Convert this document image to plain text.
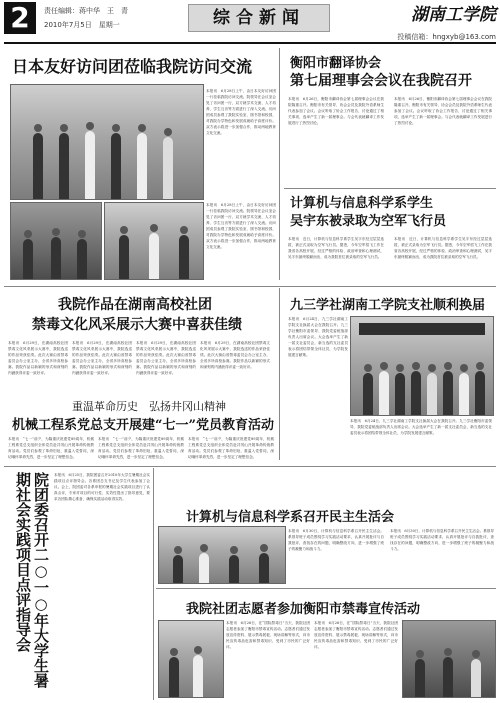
2	责任编辑：蒋中华　王　青
2010年7月5日　星期一	综合新闻	湖南工学院
投稿信箱：hngxyb@163.com
日本友好访问团莅临我院访问交流
本报讯　6月28日上午，由日本友好访问团一行莅临我院访问交流。院领导在会议室会见了访问团一行，双方就学术交流、人才培养、学生互访等方面进行了深入交流。访问团成员参观了我院实验室、图书馆和校园，对我院办学特色和发展成就给予高度评价。双方表示将进一步加强合作，推动两地教育文化交流。
本报讯　6月28日上午，由日本友好访问团一行莅临我院访问交流。院领导在会议室会见了访问团一行，双方就学术交流、人才培养、学生互访等方面进行了深入交流。访问团成员参观了我院实验室、图书馆和校园，对我院办学特色和发展成就给予高度评价。双方表示将进一步加强合作，推动两地教育文化交流。
衡阳市翻译协会
第七届理事会会议在我院召开
本报讯　6月26日，衡阳市翻译协会第七届理事会会议在我院隆重召开。衡阳市有关领导、协会会员及我院外语系师生代表参加了会议。会议听取了协会工作报告，讨论通过了相关事项，选举产生了新一届理事会。与会代表就翻译工作发展进行了热烈讨论。
本报讯　6月26日，衡阳市翻译协会第七届理事会会议在我院隆重召开。衡阳市有关领导、协会会员及我院外语系师生代表参加了会议。会议听取了协会工作报告，讨论通过了相关事项，选举产生了新一届理事会。与会代表就翻译工作发展进行了热烈讨论。
计算机与信息科学系学生
吴宇东被录取为空军飞行员
本报讯　近日，计算机与信息科学系学生吴宇东经过层层选拔，被正式录取为空军飞行员。据悉，今年空军招飞工作在我省各高校开展，经过严格的体检、政治审查和心理测试，吴宇东最终脱颖而出，成为我院首位被录取的空军飞行员。
本报讯　近日，计算机与信息科学系学生吴宇东经过层层选拔，被正式录取为空军飞行员。据悉，今年空军招飞工作在我省各高校开展，经过严格的体检、政治审查和心理测试，吴宇东最终脱颖而出，成为我院首位被录取的空军飞行员。
我院作品在湖南高校社团
禁毒文化风采展示大赛中喜获佳绩
本报讯　6月29日，在湖南高校社团禁毒文化风采展示大赛中，我院选送的作品荣获佳绩。此次大赛由省禁毒委员会办公室主办，全省多所高校参赛。我院作品以新颖的形式和深刻的内涵获得评委一致好评。
本报讯　6月29日，在湖南高校社团禁毒文化风采展示大赛中，我院选送的作品荣获佳绩。此次大赛由省禁毒委员会办公室主办，全省多所高校参赛。我院作品以新颖的形式和深刻的内涵获得评委一致好评。
本报讯　6月29日，在湖南高校社团禁毒文化风采展示大赛中，我院选送的作品荣获佳绩。此次大赛由省禁毒委员会办公室主办，全省多所高校参赛。我院作品以新颖的形式和深刻的内涵获得评委一致好评。
本报讯　6月29日，在湖南高校社团禁毒文化风采展示大赛中，我院选送的作品荣获佳绩。此次大赛由省禁毒委员会办公室主办，全省多所高校参赛。我院作品以新颖的形式和深刻的内涵获得评委一致好评。
九三学社湖南工学院支社顺利换届
本报讯　6月24日，九三学社湖南工学院支社换届大会在我院召开。九三学社衡阳市委领导、我院党委统战部负责人出席会议。大会选举产生了新一届支社委员会，新当选的支社委员表示将团结带领全体社员，为学院发展建言献策。
本报讯　6月24日，九三学社湖南工学院支社换届大会在我院召开。九三学社衡阳市委领导、我院党委统战部负责人出席会议。大会选举产生了新一届支社委员会，新当选的支社委员表示将团结带领全体社员，为学院发展建言献策。
重温革命历史　弘扬井冈山精神
机械工程系党总支开展建“七一”党员教育活动
本报讯　“七一”前夕，为隆重庆祝建党89周年，机械工程系党总支组织全体党员赴井冈山开展革命传统教育活动。党员们参观了革命旧址，重温入党誓词，深切缅怀革命先烈，进一步坚定了理想信念。
本报讯　“七一”前夕，为隆重庆祝建党89周年，机械工程系党总支组织全体党员赴井冈山开展革命传统教育活动。党员们参观了革命旧址，重温入党誓词，深切缅怀革命先烈，进一步坚定了理想信念。
本报讯　“七一”前夕，为隆重庆祝建党89周年，机械工程系党总支组织全体党员赴井冈山开展革命传统教育活动。党员们参观了革命旧址，重温入党誓词，深切缅怀革命先烈，进一步坚定了理想信念。
院团委召开二○一○年大学生暑期社会实践项目点评指导会	本报讯　6月25日，我院团委召开2010年大学生暑期社会实践项目点评指导会。各系团总支书记及学生代表参加了会议。会上，院团委对各系申报的暑期社会实践项目进行了认真点评，专家对项目的可行性、实效性提出了指导意见，要求各团队精心准备，确保实践活动取得实效。
计算机与信息科学系召开民主生活会
本报讯　6月30日，计算机与信息科学系召开民主生活会。系领导班子成员围绕学习实践活动要求，认真开展批评与自我批评，查找存在的问题，明确整改方向，进一步增强了班子的凝聚力和战斗力。
本报讯　6月30日，计算机与信息科学系召开民主生活会。系领导班子成员围绕学习实践活动要求，认真开展批评与自我批评，查找存在的问题，明确整改方向，进一步增强了班子的凝聚力和战斗力。
我院社团志愿者参加衡阳市禁毒宣传活动
本报讯　6月26日，在“国际禁毒日”当天，我院社团志愿者参加了衡阳市禁毒宣传活动。志愿者们通过发放宣传资料、展示禁毒展板、现场讲解等形式，向市民宣传毒品危害和禁毒知识，受到了市民的广泛好评。
本报讯　6月26日，在“国际禁毒日”当天，我院社团志愿者参加了衡阳市禁毒宣传活动。志愿者们通过发放宣传资料、展示禁毒展板、现场讲解等形式，向市民宣传毒品危害和禁毒知识，受到了市民的广泛好评。
